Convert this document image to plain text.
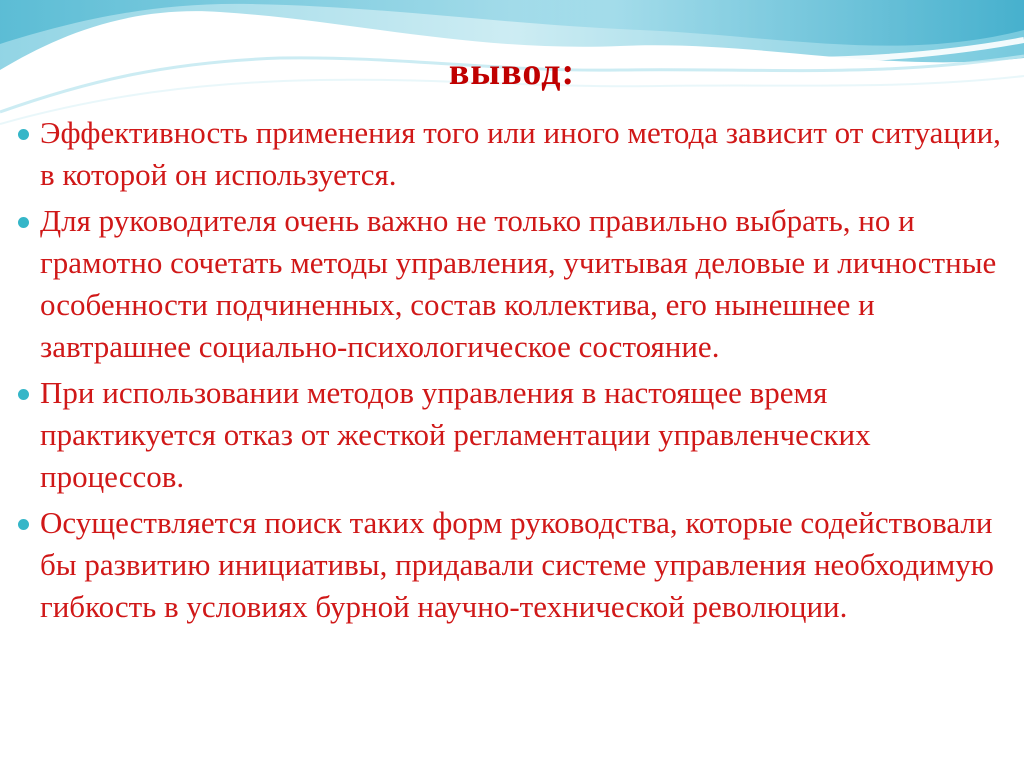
вывод:
Эффективность применения того или иного метода зависит от ситуации, в которой он используется.
Для руководителя очень важно не только правильно выбрать, но и грамотно сочетать методы управления, учитывая деловые и личностные особенности подчиненных, состав коллектива, его нынешнее и завтрашнее социально-психологическое состояние.
При использовании методов управления в настоящее время практикуется отказ от жесткой регламентации управленческих процессов.
Осуществляется поиск таких форм руководства, которые содействовали бы развитию инициативы, придавали системе управления необходимую гибкость в условиях бурной научно-технической революции.
